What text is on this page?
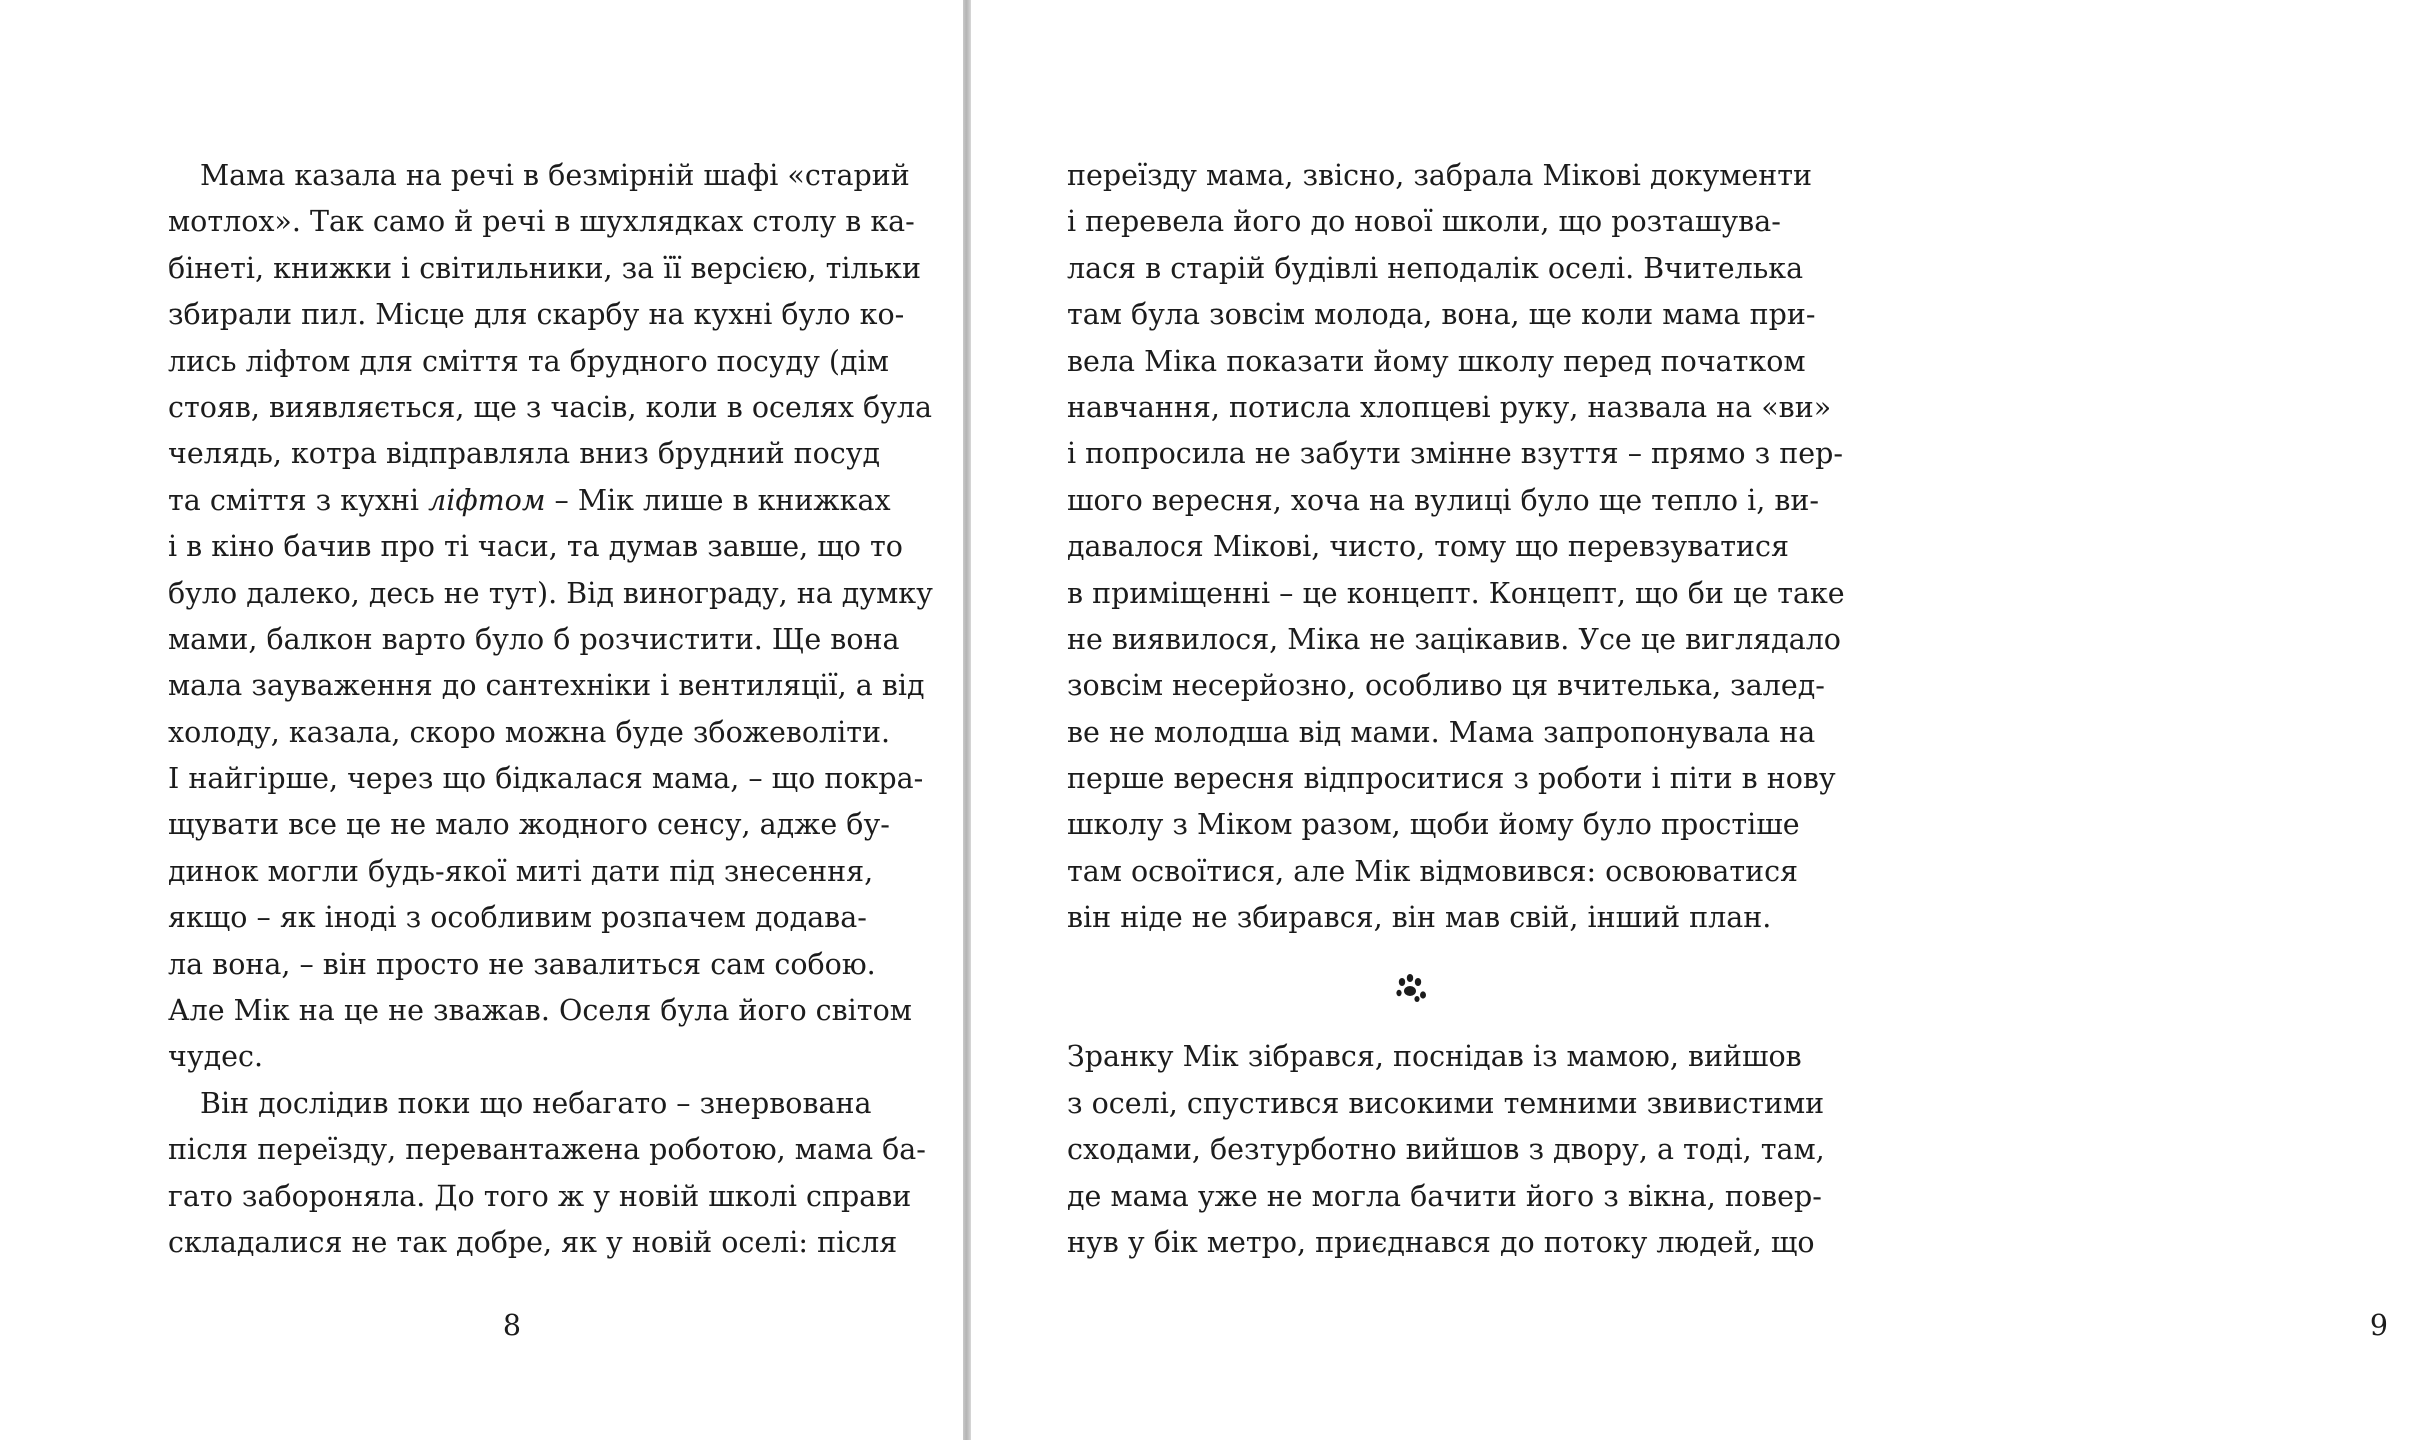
Мама казала на речі в безмірній шафі «старий
мотлох». Так само й речі в шухлядках столу в ка-
бінеті, книжки і світильники, за її версією, тільки
збирали пил. Місце для скарбу на кухні було ко-
лись ліфтом для сміття та брудного посуду (дім
стояв, виявляється, ще з часів, коли в оселях була
челядь, котра відправляла вниз брудний посуд
та сміття з кухні ліфтом – Мік лише в книжках
і в кіно бачив про ті часи, та думав завше, що то
було далеко, десь не тут). Від винограду, на думку
мами, балкон варто було б розчистити. Ще вона
мала зауваження до сантехніки і вентиляції, а від
холоду, казала, скоро можна буде збожеволіти.
І найгірше, через що бідкалася мама, – що покра-
щувати все це не мало жодного сенсу, адже бу-
динок могли будь-якої миті дати під знесення,
якщо – як іноді з особливим розпачем додава-
ла вона, – він просто не завалиться сам собою.
Але Мік на це не зважав. Оселя була його світом
чудес.
Він дослідив поки що небагато – знервована
після переїзду, перевантажена роботою, мама ба-
гато забороняла. До того ж у новій школі справи
складалися не так добре, як у новій оселі: після
8	9
переїзду мама, звісно, забрала Мікові документи
і перевела його до нової школи, що розташува-
лася в старій будівлі неподалік оселі. Вчителька
там була зовсім молода, вона, ще коли мама при-
вела Міка показати йому школу перед початком
навчання, потисла хлопцеві руку, назвала на «ви»
і попросила не забути змінне взуття – прямо з пер-
шого вересня, хоча на вулиці було ще тепло і, ви-
давалося Мікові, чисто, тому що перевзуватися
в приміщенні – це концепт. Концепт, що би це таке
не виявилося, Міка не зацікавив. Усе це виглядало
зовсім несерйозно, особливо ця вчителька, залед-
ве не молодша від мами. Мама запропонувала на
перше вересня відпроситися з роботи і піти в нову
школу з Міком разом, щоби йому було простіше
там освоїтися, але Мік відмовився: освоюватися
він ніде не збирався, він мав свій, інший план.
Зранку Мік зібрався, поснідав із мамою, вийшов
з оселі, спустився високими темними звивистими
сходами, безтурботно вийшов з двору, а тоді, там,
де мама уже не могла бачити його з вікна, повер-
нув у бік метро, приєднався до потоку людей, що
